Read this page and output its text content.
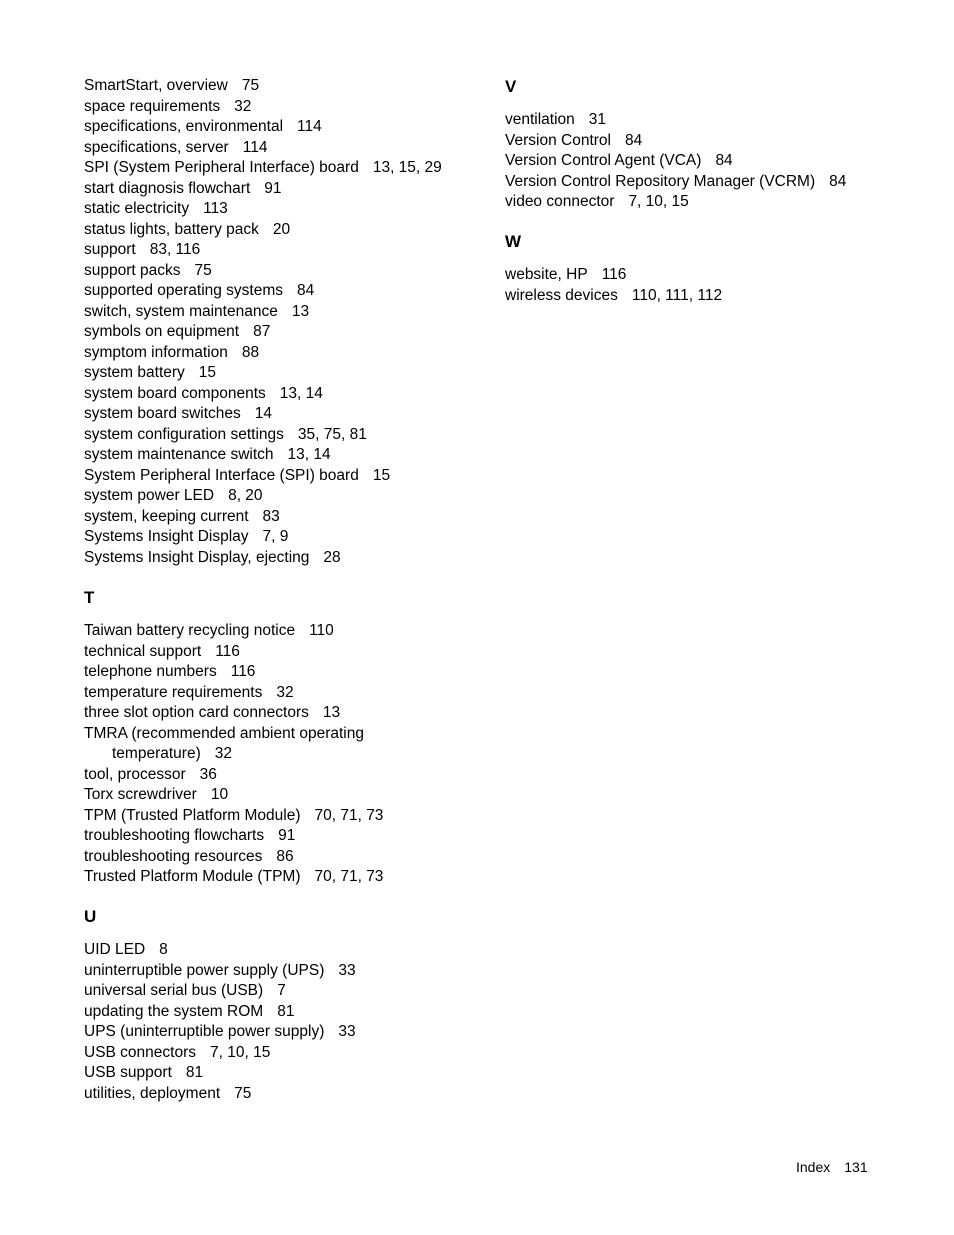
SmartStart, overview 75
space requirements 32
specifications, environmental 114
specifications, server 114
SPI (System Peripheral Interface) board 13, 15, 29
start diagnosis flowchart 91
static electricity 113
status lights, battery pack 20
support 83, 116
support packs 75
supported operating systems 84
switch, system maintenance 13
symbols on equipment 87
symptom information 88
system battery 15
system board components 13, 14
system board switches 14
system configuration settings 35, 75, 81
system maintenance switch 13, 14
System Peripheral Interface (SPI) board 15
system power LED 8, 20
system, keeping current 83
Systems Insight Display 7, 9
Systems Insight Display, ejecting 28
T
Taiwan battery recycling notice 110
technical support 116
telephone numbers 116
temperature requirements 32
three slot option card connectors 13
TMRA (recommended ambient operating
temperature) 32
tool, processor 36
Torx screwdriver 10
TPM (Trusted Platform Module) 70, 71, 73
troubleshooting flowcharts 91
troubleshooting resources 86
Trusted Platform Module (TPM) 70, 71, 73
U
UID LED 8
uninterruptible power supply (UPS) 33
universal serial bus (USB) 7
updating the system ROM 81
UPS (uninterruptible power supply) 33
USB connectors 7, 10, 15
USB support 81
utilities, deployment 75
V
ventilation 31
Version Control 84
Version Control Agent (VCA) 84
Version Control Repository Manager (VCRM) 84
video connector 7, 10, 15
W
website, HP 116
wireless devices 110, 111, 112
Index 131
